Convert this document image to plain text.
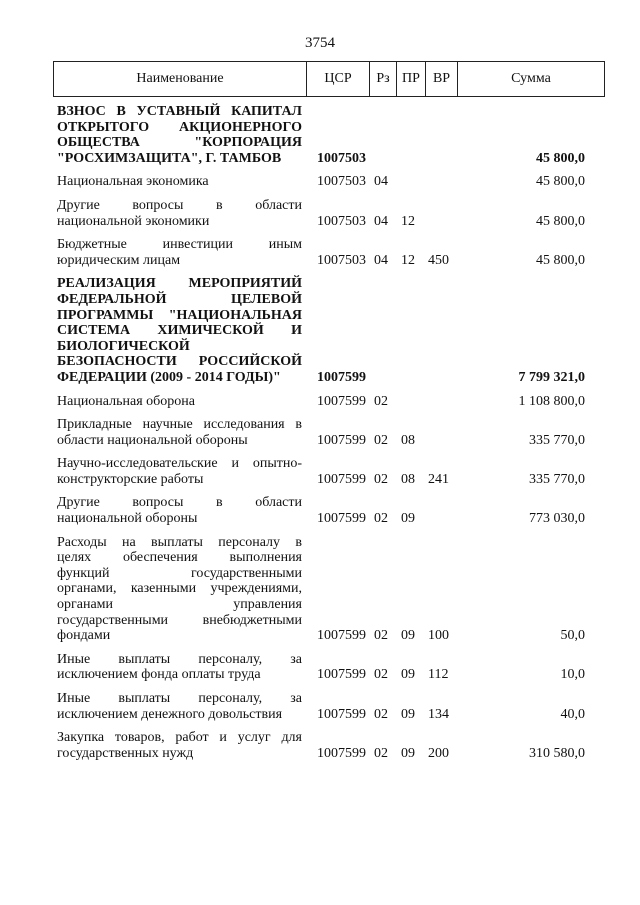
3754
Наименование	ЦСР	Рз ПР ВР	Сумма
ВЗНОС В УСТАВНЫЙ КАПИТАЛ
ОТКРЫТОГО АКЦИОНЕРНОГО
ОБЩЕСТВА "КОРПОРАЦИЯ
"РОСХИМЗАЩИТА", Г. ТАМБОВ	1007503	45 800,0
Национальная экономика	1007503 04	45 800,0
Другие вопросы в области
национальной экономики	1007503 04 12	45 800,0
Бюджетные инвестиции иным
юридическим лицам	1007503 04 12 450	45 800,0
РЕАЛИЗАЦИЯ МЕРОПРИЯТИЙ
ФЕДЕРАЛЬНОЙ ЦЕЛЕВОЙ
ПРОГРАММЫ "НАЦИОНАЛЬНАЯ
СИСТЕМА ХИМИЧЕСКОЙ И
БИОЛОГИЧЕСКОЙ
БЕЗОПАСНОСТИ РОССИЙСКОЙ
ФЕДЕРАЦИИ (2009 - 2014 ГОДЫ)"	1007599	7 799 321,0
Национальная оборона	1007599 02	1 108 800,0
Прикладные научные исследования в
области национальной обороны	1007599 02 08	335 770,0
Научно-исследовательские и опытно-
конструкторские работы	1007599 02 08 241	335 770,0
Другие вопросы в области
национальной обороны	1007599 02 09	773 030,0
Расходы на выплаты персоналу в
целях обеспечения выполнения
функций государственными
органами, казенными учреждениями,
органами управления
государственными внебюджетными
фондами	1007599 02 09 100	50,0
Иные выплаты персоналу, за
исключением фонда оплаты труда	1007599 02 09 112	10,0
Иные выплаты персоналу, за
исключением денежного довольствия	1007599 02 09 134	40,0
Закупка товаров, работ и услуг для
государственных нужд	1007599 02 09 200	310 580,0
